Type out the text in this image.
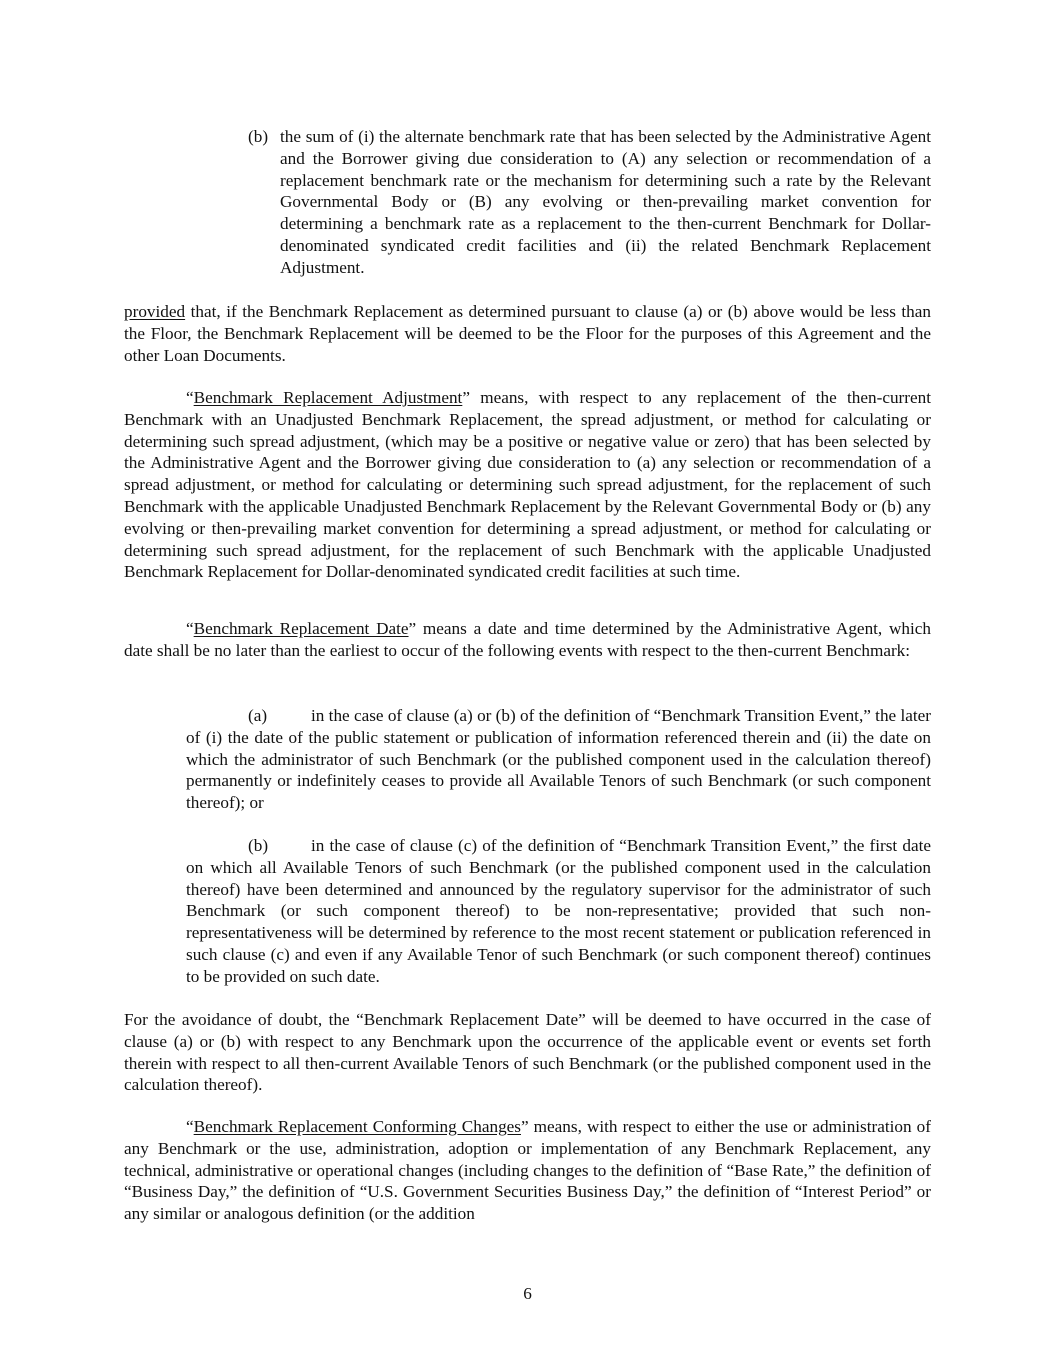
(b) the sum of (i) the alternate benchmark rate that has been selected by the Administrative Agent and the Borrower giving due consideration to (A) any selection or recommendation of a replacement benchmark rate or the mechanism for determining such a rate by the Relevant Governmental Body or (B) any evolving or then-prevailing market convention for determining a benchmark rate as a replacement to the then-current Benchmark for Dollar-denominated syndicated credit facilities and (ii) the related Benchmark Replacement Adjustment.

provided that, if the Benchmark Replacement as determined pursuant to clause (a) or (b) above would be less than the Floor, the Benchmark Replacement will be deemed to be the Floor for the purposes of this Agreement and the other Loan Documents.

“Benchmark Replacement Adjustment” means, with respect to any replacement of the then-current Benchmark with an Unadjusted Benchmark Replacement, the spread adjustment, or method for calculating or determining such spread adjustment, (which may be a positive or negative value or zero) that has been selected by the Administrative Agent and the Borrower giving due consideration to (a) any selection or recommendation of a spread adjustment, or method for calculating or determining such spread adjustment, for the replacement of such Benchmark with the applicable Unadjusted Benchmark Replacement by the Relevant Governmental Body or (b) any evolving or then-prevailing market convention for determining a spread adjustment, or method for calculating or determining such spread adjustment, for the replacement of such Benchmark with the applicable Unadjusted Benchmark Replacement for Dollar-denominated syndicated credit facilities at such time.

“Benchmark Replacement Date” means a date and time determined by the Administrative Agent, which date shall be no later than the earliest to occur of the following events with respect to the then-current Benchmark:

(a)	in the case of clause (a) or (b) of the definition of “Benchmark Transition Event,” the later of (i) the date of the public statement or publication of information referenced therein and (ii) the date on which the administrator of such Benchmark (or the published component used in the calculation thereof) permanently or indefinitely ceases to provide all Available Tenors of such Benchmark (or such component thereof); or

(b) in the case of clause (c) of the definition of “Benchmark Transition Event,” the first date on which all Available Tenors of such Benchmark (or the published component used in the calculation thereof) have been determined and announced by the regulatory supervisor for the administrator of such Benchmark (or such component thereof) to be non-representative; provided that such non-representativeness will be determined by reference to the most recent statement or publication referenced in such clause (c) and even if any Available Tenor of such Benchmark (or such component thereof) continues to be provided on such date.

For the avoidance of doubt, the “Benchmark Replacement Date” will be deemed to have occurred in the case of clause (a) or (b) with respect to any Benchmark upon the occurrence of the applicable event or events set forth therein with respect to all then-current Available Tenors of such Benchmark (or the published component used in the calculation thereof).

“Benchmark Replacement Conforming Changes” means, with respect to either the use or administration of any Benchmark or the use, administration, adoption or implementation of any Benchmark Replacement, any technical, administrative or operational changes (including changes to the definition of “Base Rate,” the definition of “Business Day,” the definition of “U.S. Government Securities Business Day,” the definition of “Interest Period” or any similar or analogous definition (or the addition

6
